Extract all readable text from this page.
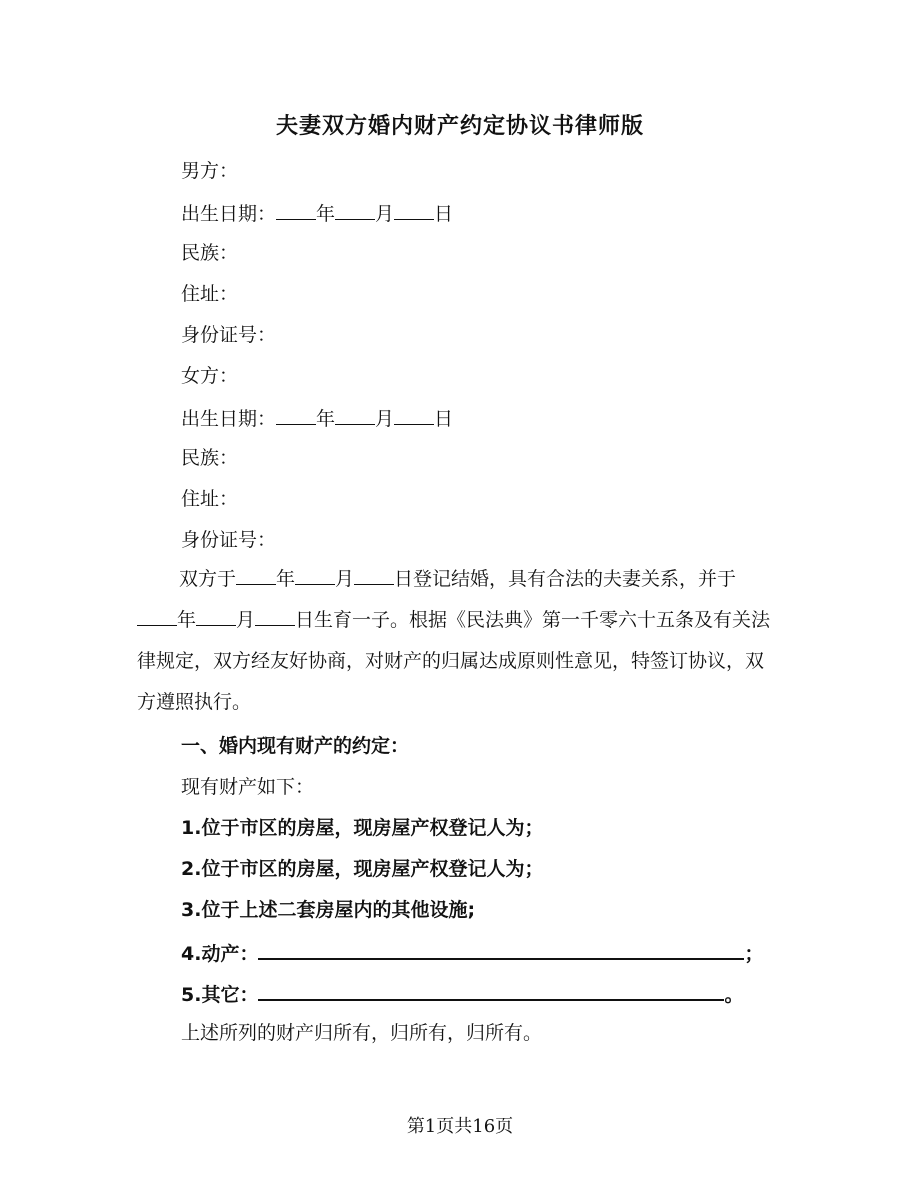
夫妻双方婚内财产约定协议书律师版
男方：
出生日期： 年 月 日
民族：
住址：
身份证号：
女方：
出生日期： 年 月 日
民族：
住址：
身份证号：
双方于 年 月 日登记结婚，具有合法的夫妻关系，并于年 月 日生育一子。根据《民法典》第一千零六十五条及有关法律规定，双方经友好协商，对财产的归属达成原则性意见，特签订协议，双方遵照执行。
一、婚内现有财产的约定：
现有财产如下：
1.位于市区的房屋，现房屋产权登记人为；
2.位于市区的房屋，现房屋产权登记人为；
3.位于上述二套房屋内的其他设施;
4.动产：	；
5.其它：	。
上述所列的财产归所有，归所有，归所有。
第1页共16页
